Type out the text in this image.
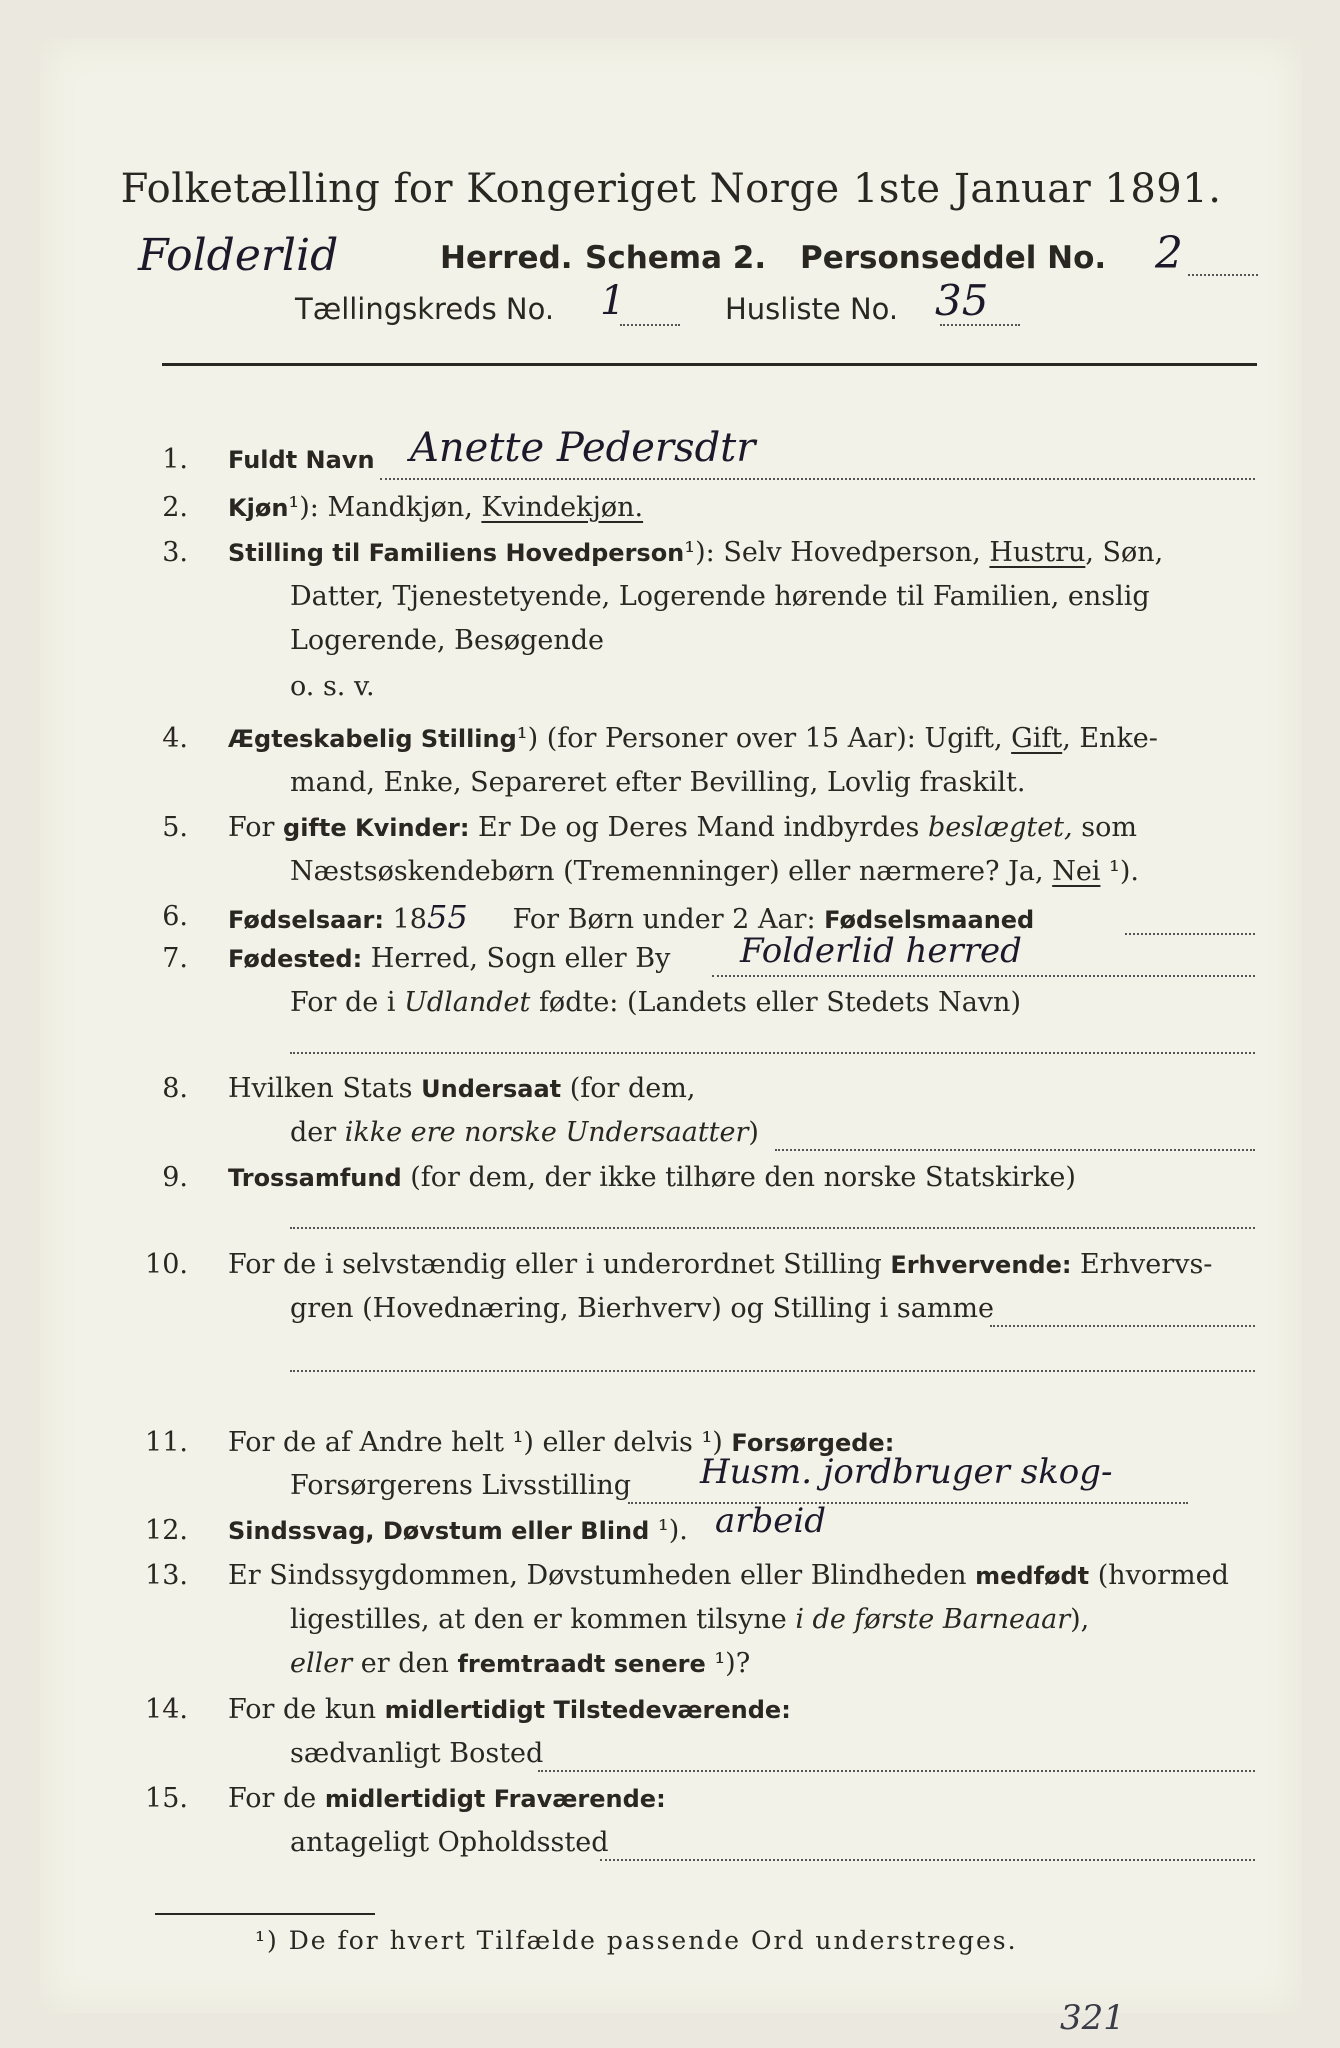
Folketælling for Kongeriget Norge 1ste Januar 1891.
Folderlid	Herred. Schema 2. Personseddel No. 2
Tællingskreds No. 1	Husliste No. 35
1. Fuldt Navn Anette Pedersdtr
2. Kjøn¹): Mandkjøn, Kvindekjøn.
3. Stilling til Familiens Hovedperson¹): Selv Hovedperson, Hustru, Søn,
Datter, Tjenestetyende, Logerende hørende til Familien, enslig
Logerende, Besøgende
o. s. v.
4. Ægteskabelig Stilling¹) (for Personer over 15 Aar): Ugift, Gift, Enke-
mand, Enke, Separeret efter Bevilling, Lovlig fraskilt.
5. For gifte Kvinder: Er De og Deres Mand indbyrdes beslægtet, som
Næstsøskendebørn (Tremenninger) eller nærmere? Ja, Nei ¹).
6. Fødselsaar: 1855 For Børn under 2 Aar: Fødselsmaaned
7. Fødested: Herred, Sogn eller By Folderlid herred
For de i Udlandet fødte: (Landets eller Stedets Navn)
8. Hvilken Stats Undersaat (for dem,
der ikke ere norske Undersaatter)
9. Trossamfund (for dem, der ikke tilhøre den norske Statskirke)
10. For de i selvstændig eller i underordnet Stilling Erhvervende: Erhvervs-
gren (Hovednæring, Bierhverv) og Stilling i samme
11. For de af Andre helt ¹) eller delvis ¹) Forsørgede:
Forsørgerens Livsstilling Husm. jordbruger skog-
12. Sindssvag, Døvstum eller Blind ¹). arbeid
13. Er Sindssygdommen, Døvstumheden eller Blindheden medfødt (hvormed
ligestilles, at den er kommen tilsyne i de første Barneaar),
eller er den fremtraadt senere ¹)?
14. For de kun midlertidigt Tilstedeværende:
sædvanligt Bosted
15. For de midlertidigt Fraværende:
antageligt Opholdssted
¹) De for hvert Tilfælde passende Ord understreges.
321
